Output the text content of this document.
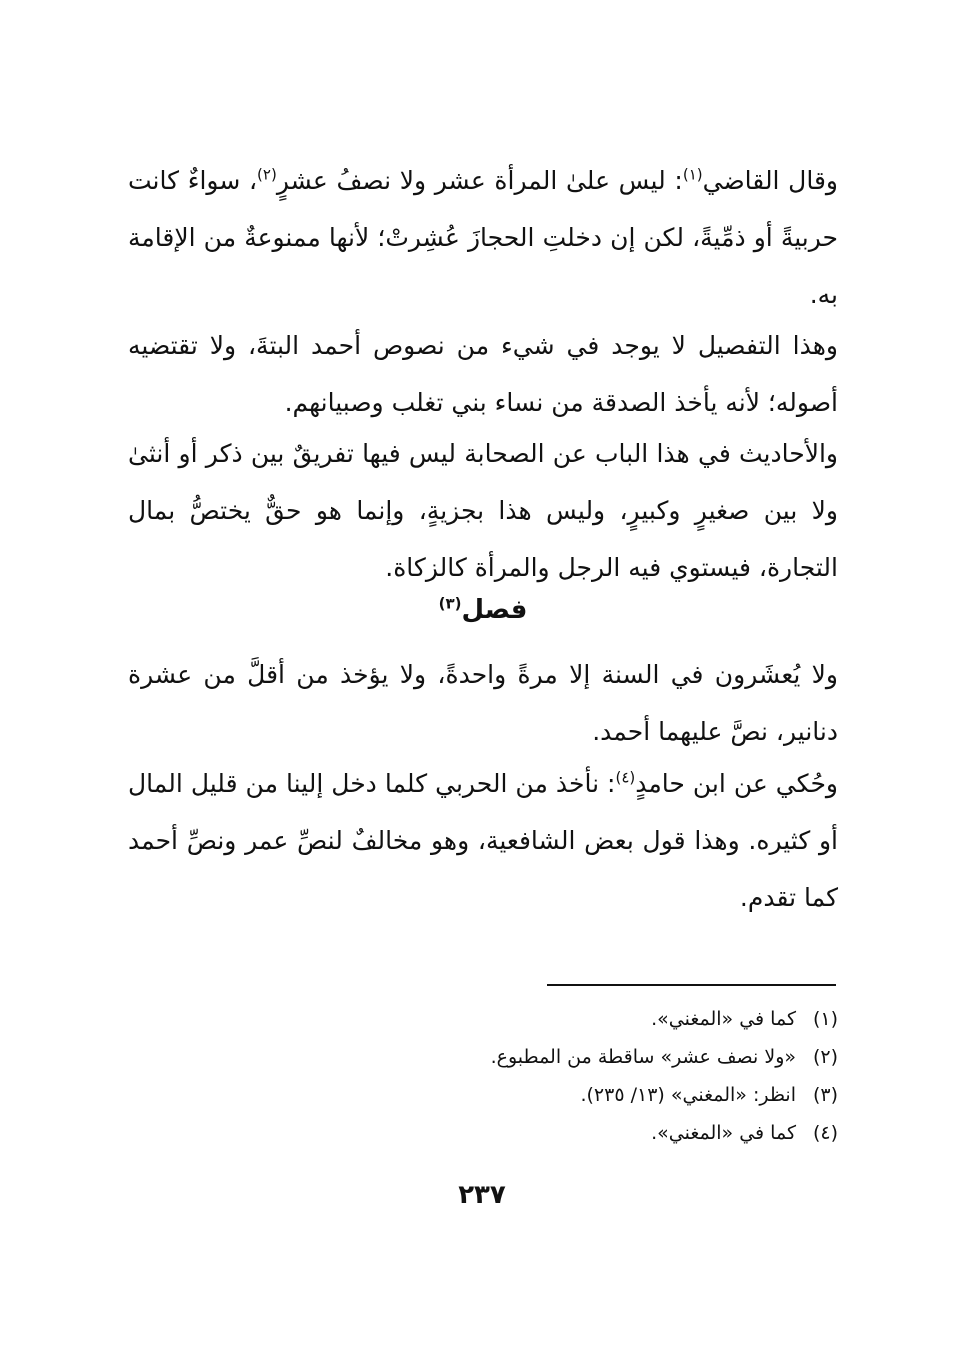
وقال القاضي$^{(١)}$: ليس علىٰ المرأة عشر ولا نصفُ عشرٍ$^{(٢)}$، سواءٌ كانت حربيةً أو ذمِّيةً، لكن إن دخلتِ الحجازَ عُشِرتْ؛ لأنها ممنوعةٌ من الإقامة به.

وهذا التفصيل لا يوجد في شيء من نصوص أحمد البتةَ، ولا تقتضيه أصوله؛ لأنه يأخذ الصدقة من نساء بني تغلب وصبيانهم.

والأحاديث في هذا الباب عن الصحابة ليس فيها تفريقٌ بين ذكر أو أنثىٰ ولا بين صغيرٍ وكبيرٍ، وليس هذا بجزيةٍ، وإنما هو حقٌّ يختصُّ بمال التجارة، فيستوي فيه الرجل والمرأة كالزكاة.

فصل$^{(٣)}$

ولا يُعشَرون في السنة إلا مرةً واحدةً، ولا يؤخذ من أقلَّ من عشرة دنانير، نصَّ عليهما أحمد.

وحُكي عن ابن حامدٍ$^{(٤)}$: نأخذ من الحربي كلما دخل إلينا من قليل المال أو كثيره. وهذا قول بعض الشافعية، وهو مخالفٌ لنصِّ عمر ونصِّ أحمد كما تقدم.

(١)كما في «المغني».

(٢)«ولا نصف عشر» ساقطة من المطبوع.

(٣)انظر: «المغني» (١٣/ ٢٣٥).

(٤)كما في «المغني».

٢٣٧
